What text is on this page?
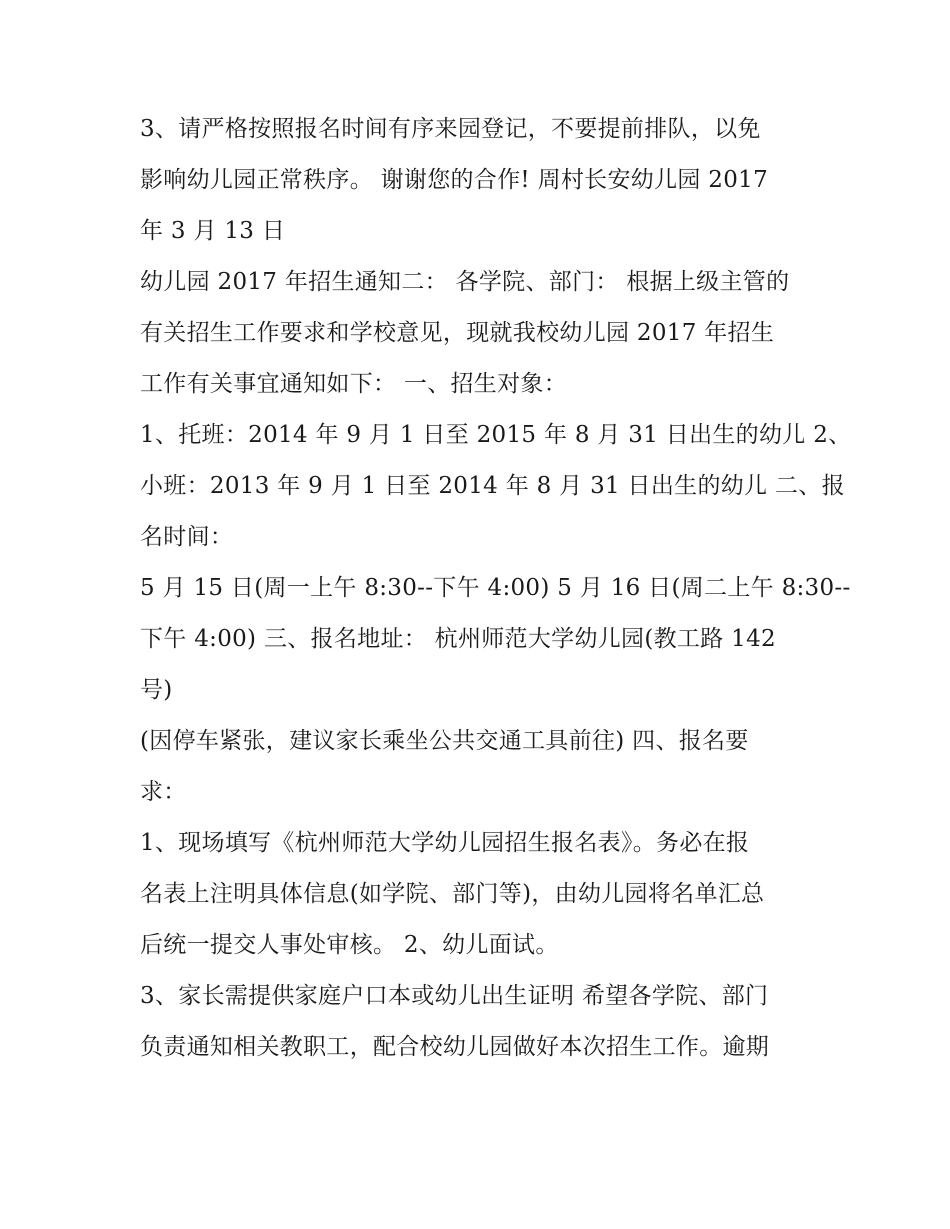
3、请严格按照报名时间有序来园登记，不要提前排队，以免
影响幼儿园正常秩序。 谢谢您的合作! 周村长安幼儿园 2017
年 3 月 13 日
幼儿园 2017 年招生通知二： 各学院、部门： 根据上级主管的
有关招生工作要求和学校意见，现就我校幼儿园 2017 年招生
工作有关事宜通知如下： 一、招生对象：
1、托班：2014 年 9 月 1 日至 2015 年 8 月 31 日出生的幼儿 2、
小班：2013 年 9 月 1 日至 2014 年 8 月 31 日出生的幼儿 二、报
名时间：
5 月 15 日(周一上午 8:30--下午 4:00) 5 月 16 日(周二上午 8:30--
下午 4:00) 三、报名地址： 杭州师范大学幼儿园(教工路 142
号)
(因停车紧张，建议家长乘坐公共交通工具前往) 四、报名要
求：
1、现场填写《杭州师范大学幼儿园招生报名表》。务必在报
名表上注明具体信息(如学院、部门等)，由幼儿园将名单汇总
后统一提交人事处审核。 2、幼儿面试。
3、家长需提供家庭户口本或幼儿出生证明 希望各学院、部门
负责通知相关教职工，配合校幼儿园做好本次招生工作。逾期
